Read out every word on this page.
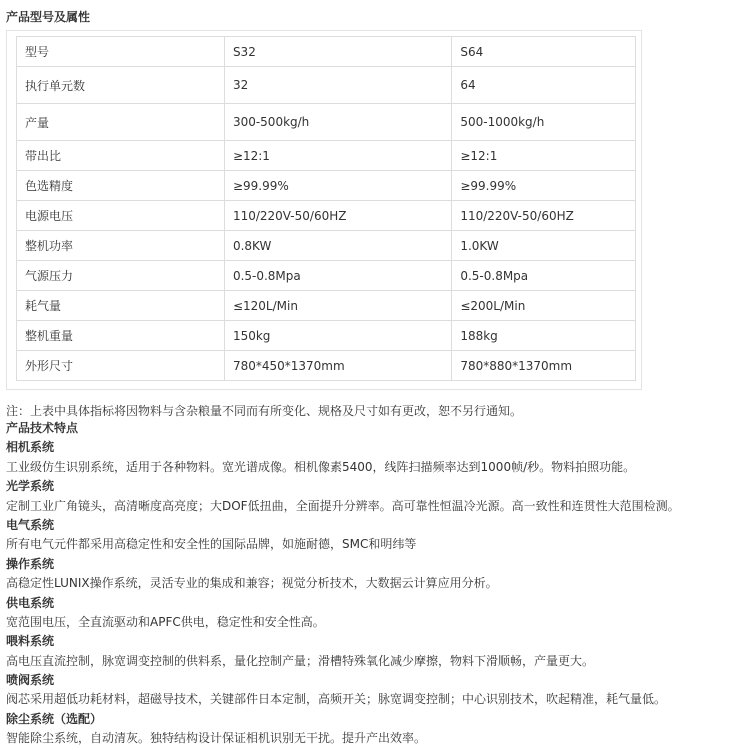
产品型号及属性
型号	S32	S64
执行单元数	32	64
产量	300-500kg/h	500-1000kg/h
带出比	≥12:1	≥12:1
色选精度	≥99.99%	≥99.99%
电源电压	110/220V-50/60HZ	110/220V-50/60HZ
整机功率	0.8KW	1.0KW
气源压力	0.5-0.8Mpa	0.5-0.8Mpa
耗气量	≤120L/Min	≤200L/Min
整机重量	150kg	188kg
外形尺寸	780*450*1370mm	780*880*1370mm
注：上表中具体指标将因物料与含杂粮量不同而有所变化、规格及尺寸如有更改，恕不另行通知。
产品技术特点
相机系统
工业级仿生识别系统，适用于各种物料。宽光谱成像。相机像素5400，线阵扫描频率达到1000帧/秒。物料拍照功能。
光学系统
定制工业广角镜头，高清晰度高亮度；大DOF低扭曲，全面提升分辨率。高可靠性恒温冷光源。高一致性和连贯性大范围检测。
电气系统
所有电气元件都采用高稳定性和安全性的国际品牌，如施耐德，SMC和明纬等
操作系统
高稳定性LUNIX操作系统，灵活专业的集成和兼容；视觉分析技术，大数据云计算应用分析。
供电系统
宽范围电压，全直流驱动和APFC供电，稳定性和安全性高。
喂料系统
高电压直流控制，脉宽调变控制的供料系，量化控制产量；滑槽特殊氧化减少摩擦，物料下滑顺畅，产量更大。
喷阀系统
阀芯采用超低功耗材料，超磁导技术，关键部件日本定制，高频开关；脉宽调变控制；中心识别技术，吹起精准，耗气量低。
除尘系统（选配）
智能除尘系统，自动清灰。独特结构设计保证相机识别无干扰。提升产出效率。
